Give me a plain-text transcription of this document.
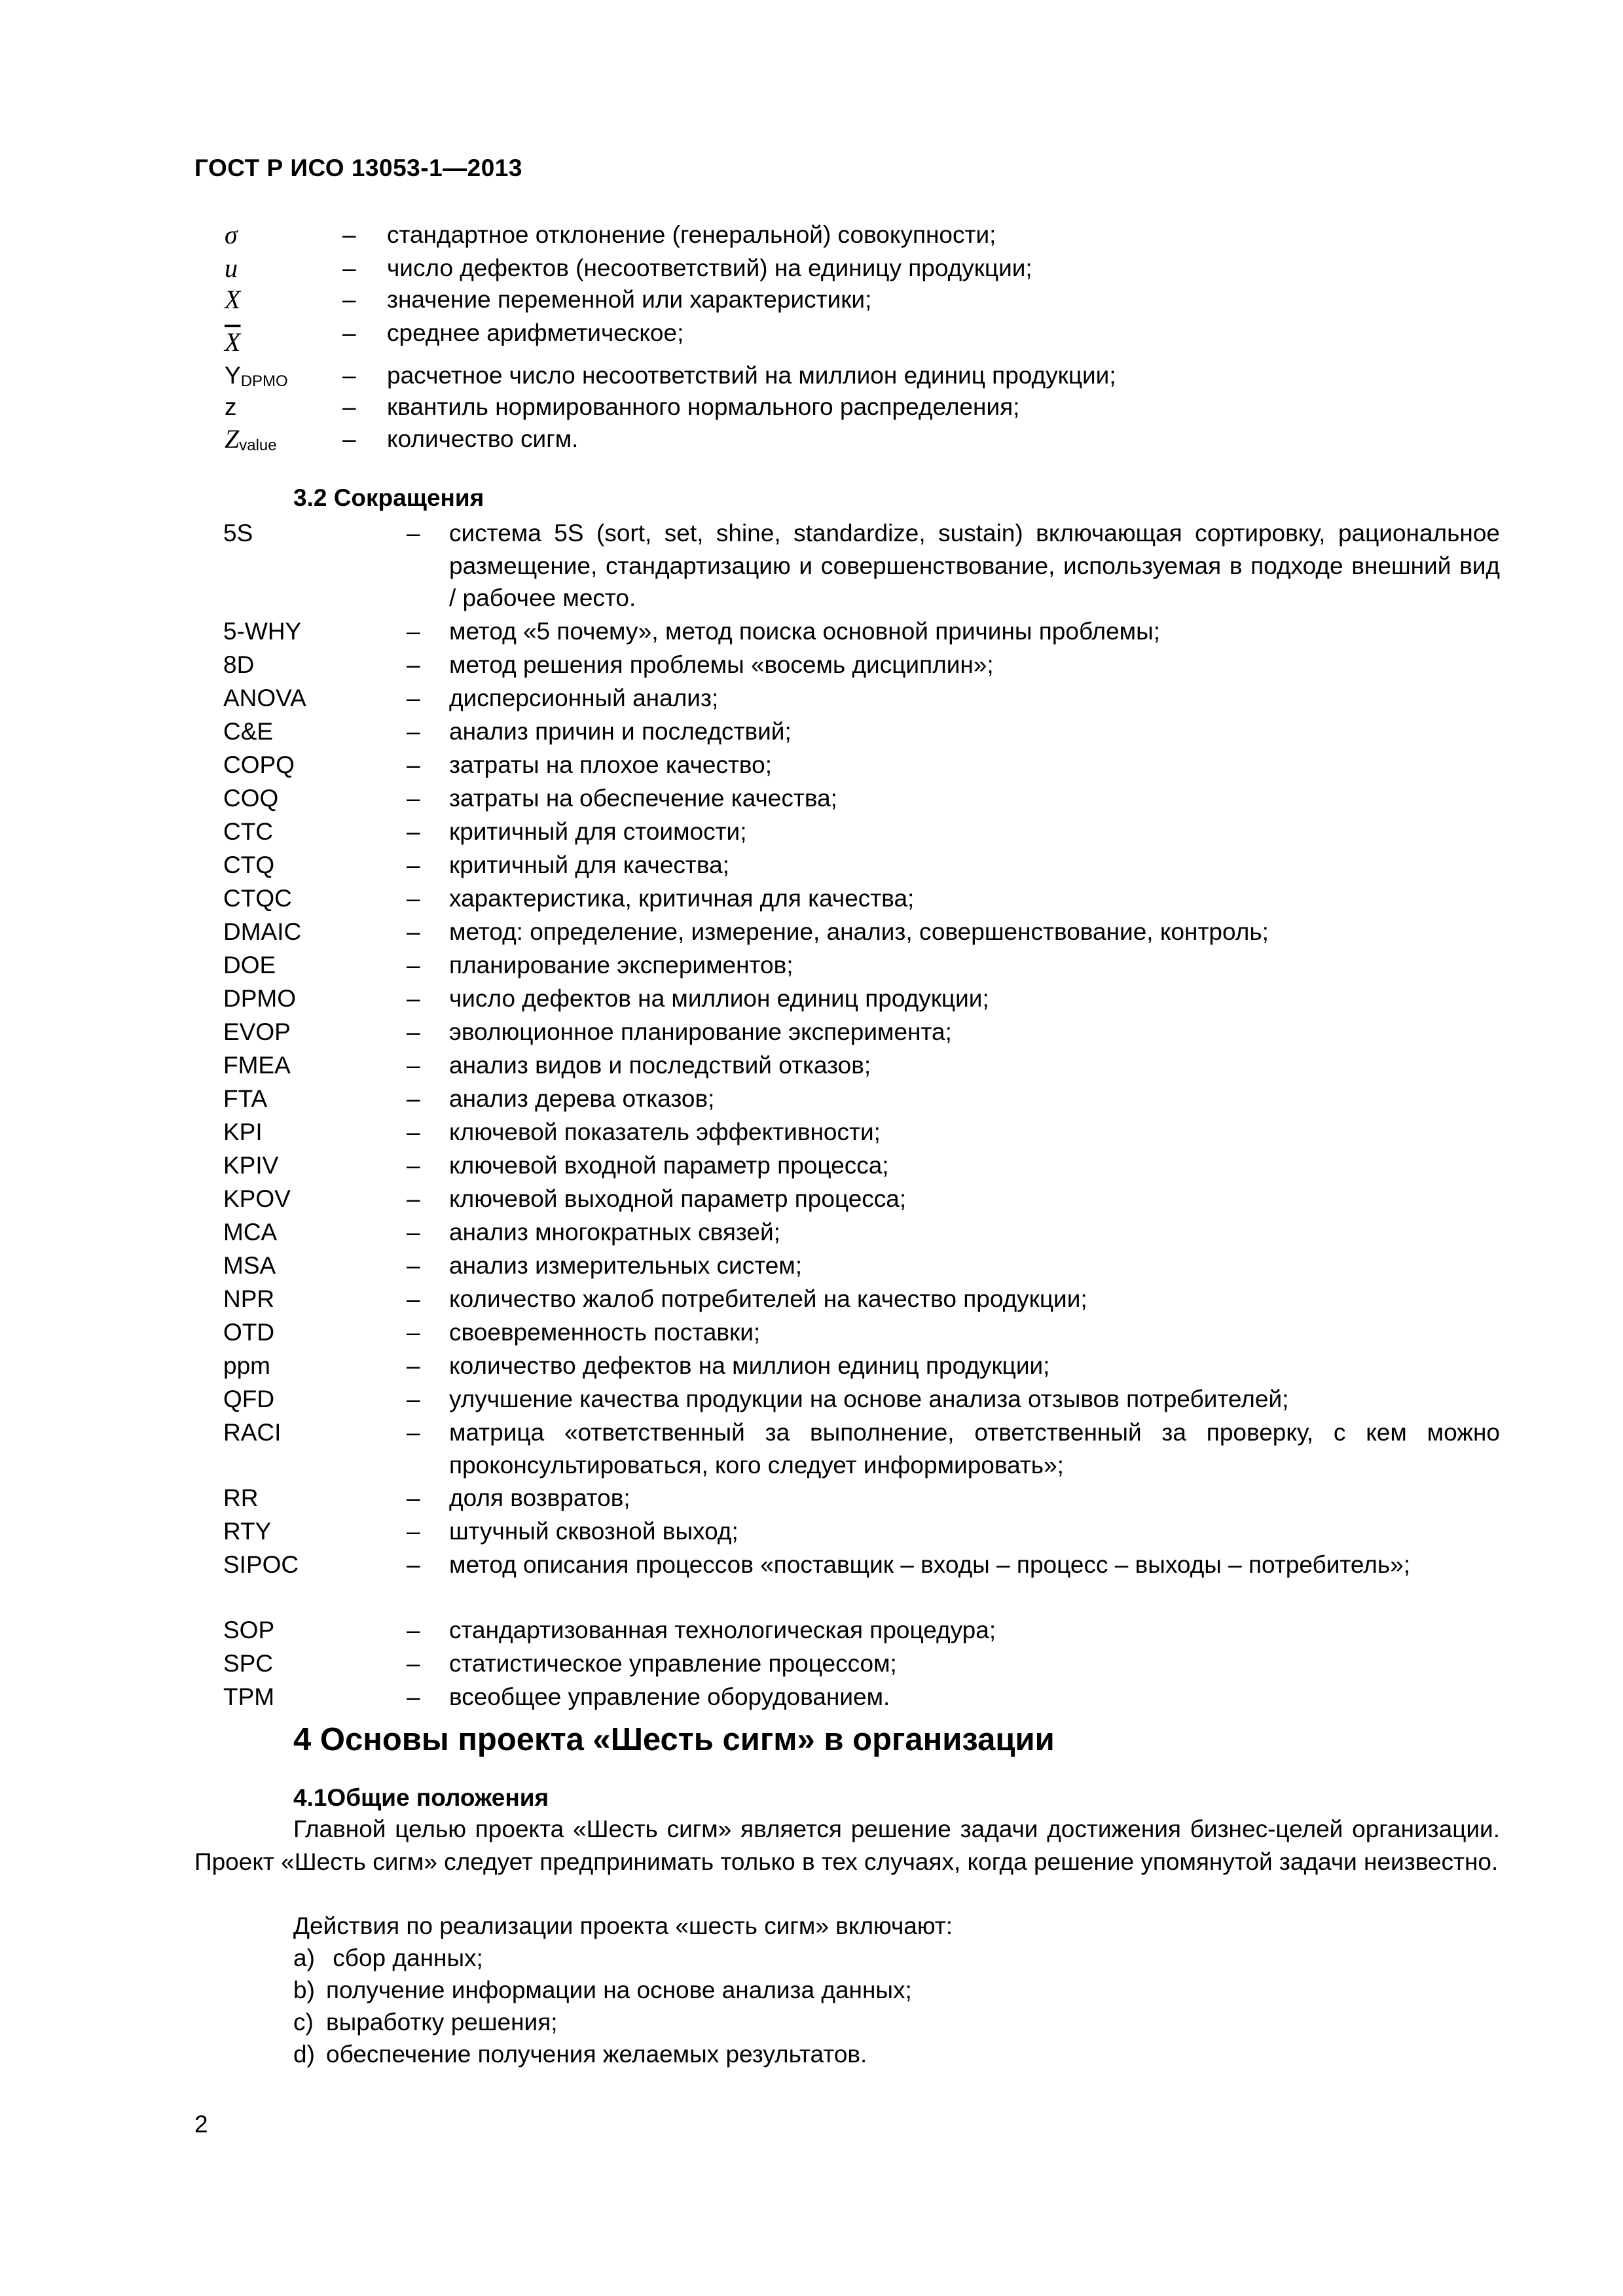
ГОСТ Р ИСО 13053-1—2013
σ	– стандартное отклонение (генеральной) совокупности;
u	– число дефектов (несоответствий) на единицу продукции;
X	– значение переменной или характеристики;
$\overline{X}$	– среднее арифметическое;
$Y_{DPMO}$ – расчетное число несоответствий на миллион единиц продукции;
z	– квантиль нормированного нормального распределения;
$Z_{value}$	– количество сигм.
3.2 Сокращения
5S	– система 5S (sort, set, shine, standardize, sustain) включающая сортировку, рациональное размещение, стандартизацию и совершенствование, используемая в подходе внешний вид / рабочее место.
5-WHY	– метод «5 почему», метод поиска основной причины проблемы;
8D	– метод решения проблемы «восемь дисциплин»;
ANOVA	– дисперсионный анализ;
C&E	– анализ причин и последствий;
COPQ	– затраты на плохое качество;
COQ	– затраты на обеспечение качества;
CTC	– критичный для стоимости;
CTQ	– критичный для качества;
CTQC	– характеристика, критичная для качества;
DMAIC	– метод: определение, измерение, анализ, совершенствование, контроль;
DOE	– планирование экспериментов;
DPMO	– число дефектов на миллион единиц продукции;
EVOP	– эволюционное планирование эксперимента;
FMEA	– анализ видов и последствий отказов;
FTA	– анализ дерева отказов;
KPI	– ключевой показатель эффективности;
KPIV	– ключевой входной параметр процесса;
KPOV	– ключевой выходной параметр процесса;
MCA	– анализ многократных связей;
MSA	– анализ измерительных систем;
NPR	– количество жалоб потребителей на качество продукции;
OTD	– своевременность поставки;
ppm	– количество дефектов на миллион единиц продукции;
QFD	– улучшение качества продукции на основе анализа отзывов потребителей;
RACI	– матрица «ответственный за выполнение, ответственный за проверку, с кем можно проконсультироваться, кого следует информировать»;
RR	– доля возвратов;
RTY	– штучный сквозной выход;
SIPOC	– метод описания процессов «поставщик – входы – процесс – выходы – потребитель»;
SOP	– стандартизованная технологическая процедура;
SPC	– статистическое управление процессом;
TPM	– всеобщее управление оборудованием.
4 Основы проекта «Шесть сигм» в организации
4.1Общие положения

Главной целью проекта «Шесть сигм» является решение задачи достижения бизнес-целей организации. Проект «Шесть сигм» следует предпринимать только в тех случаях, когда решение упомянутой задачи неизвестно.

Действия по реализации проекта «шесть сигм» включают:
a) сбор данных;
b) получение информации на основе анализа данных;
c) выработку решения;
d) обеспечение получения желаемых результатов.
2
